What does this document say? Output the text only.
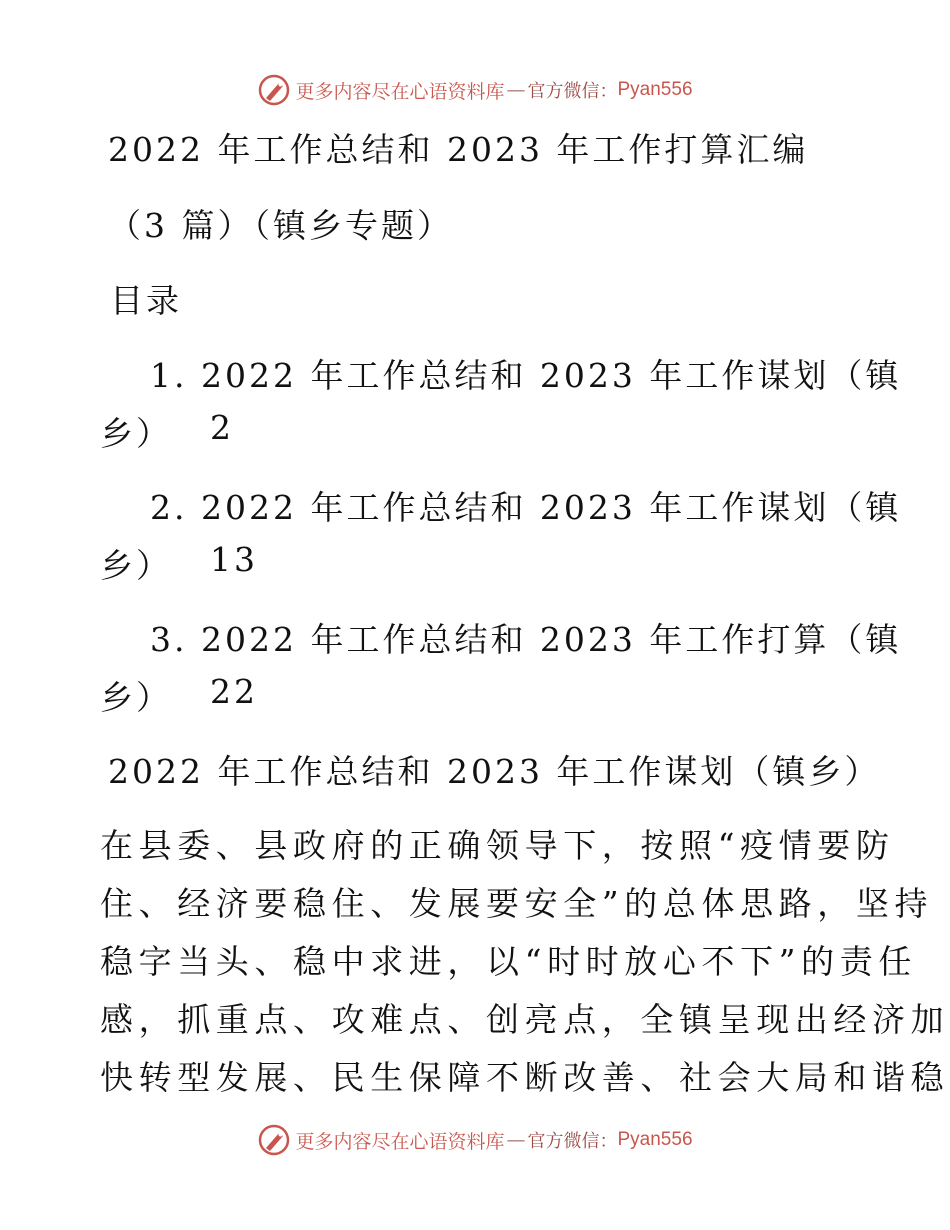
更多内容尽在心语资料库 — 官方微信： Pyan556
2022 年工作总结和 2023 年工作打算汇编
（3 篇）（镇乡专题）
目录
1. 2022 年工作总结和 2023 年工作谋划（镇
乡） 2
2. 2022 年工作总结和 2023 年工作谋划（镇
乡） 13
3. 2022 年工作总结和 2023 年工作打算（镇
乡） 22
2022 年工作总结和 2023 年工作谋划（镇乡）
在县委、县政府的正确领导下，按照“疫情要防
住、经济要稳住、发展要安全”的总体思路，坚持
稳字当头、稳中求进，以“时时放心不下”的责任
感，抓重点、攻难点、创亮点，全镇呈现出经济加
快转型发展、民生保障不断改善、社会大局和谐稳
更多内容尽在心语资料库 — 官方微信： Pyan556
